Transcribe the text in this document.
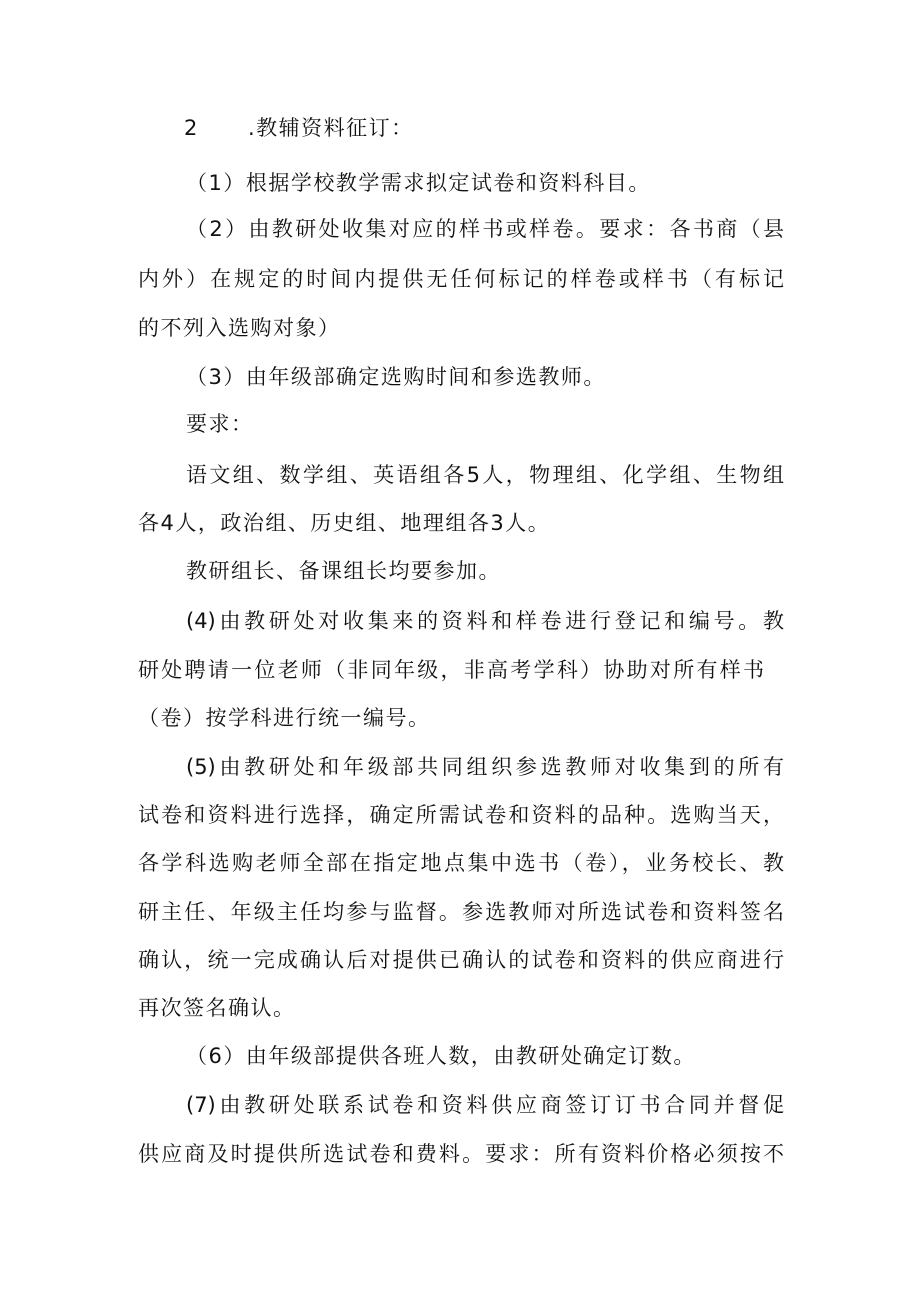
2 .教辅资料征订：
（1）根据学校教学需求拟定试卷和资料科目。
（2）由教研处收集对应的样书或样卷。要求：各书商（县
内外）在规定的时间内提供无任何标记的样卷或样书（有标记
的不列入选购对象）
（3）由年级部确定选购时间和参选教师。
要求：
语文组、数学组、英语组各5人，物理组、化学组、生物组
各4人，政治组、历史组、地理组各3人。
教研组长、备课组长均要参加。
(4)由教研处对收集来的资料和样卷进行登记和编号。教
研处聘请一位老师（非同年级，非高考学科）协助对所有样书
（卷）按学科进行统一编号。
(5)由教研处和年级部共同组织参选教师对收集到的所有
试卷和资料进行选择，确定所需试卷和资料的品种。选购当天，
各学科选购老师全部在指定地点集中选书（卷），业务校长、教
研主任、年级主任均参与监督。参选教师对所选试卷和资料签名
确认，统一完成确认后对提供已确认的试卷和资料的供应商进行
再次签名确认。
（6）由年级部提供各班人数，由教研处确定订数。
(7)由教研处联系试卷和资料供应商签订订书合同并督促
供应商及时提供所选试卷和费料。要求：所有资料价格必须按不
